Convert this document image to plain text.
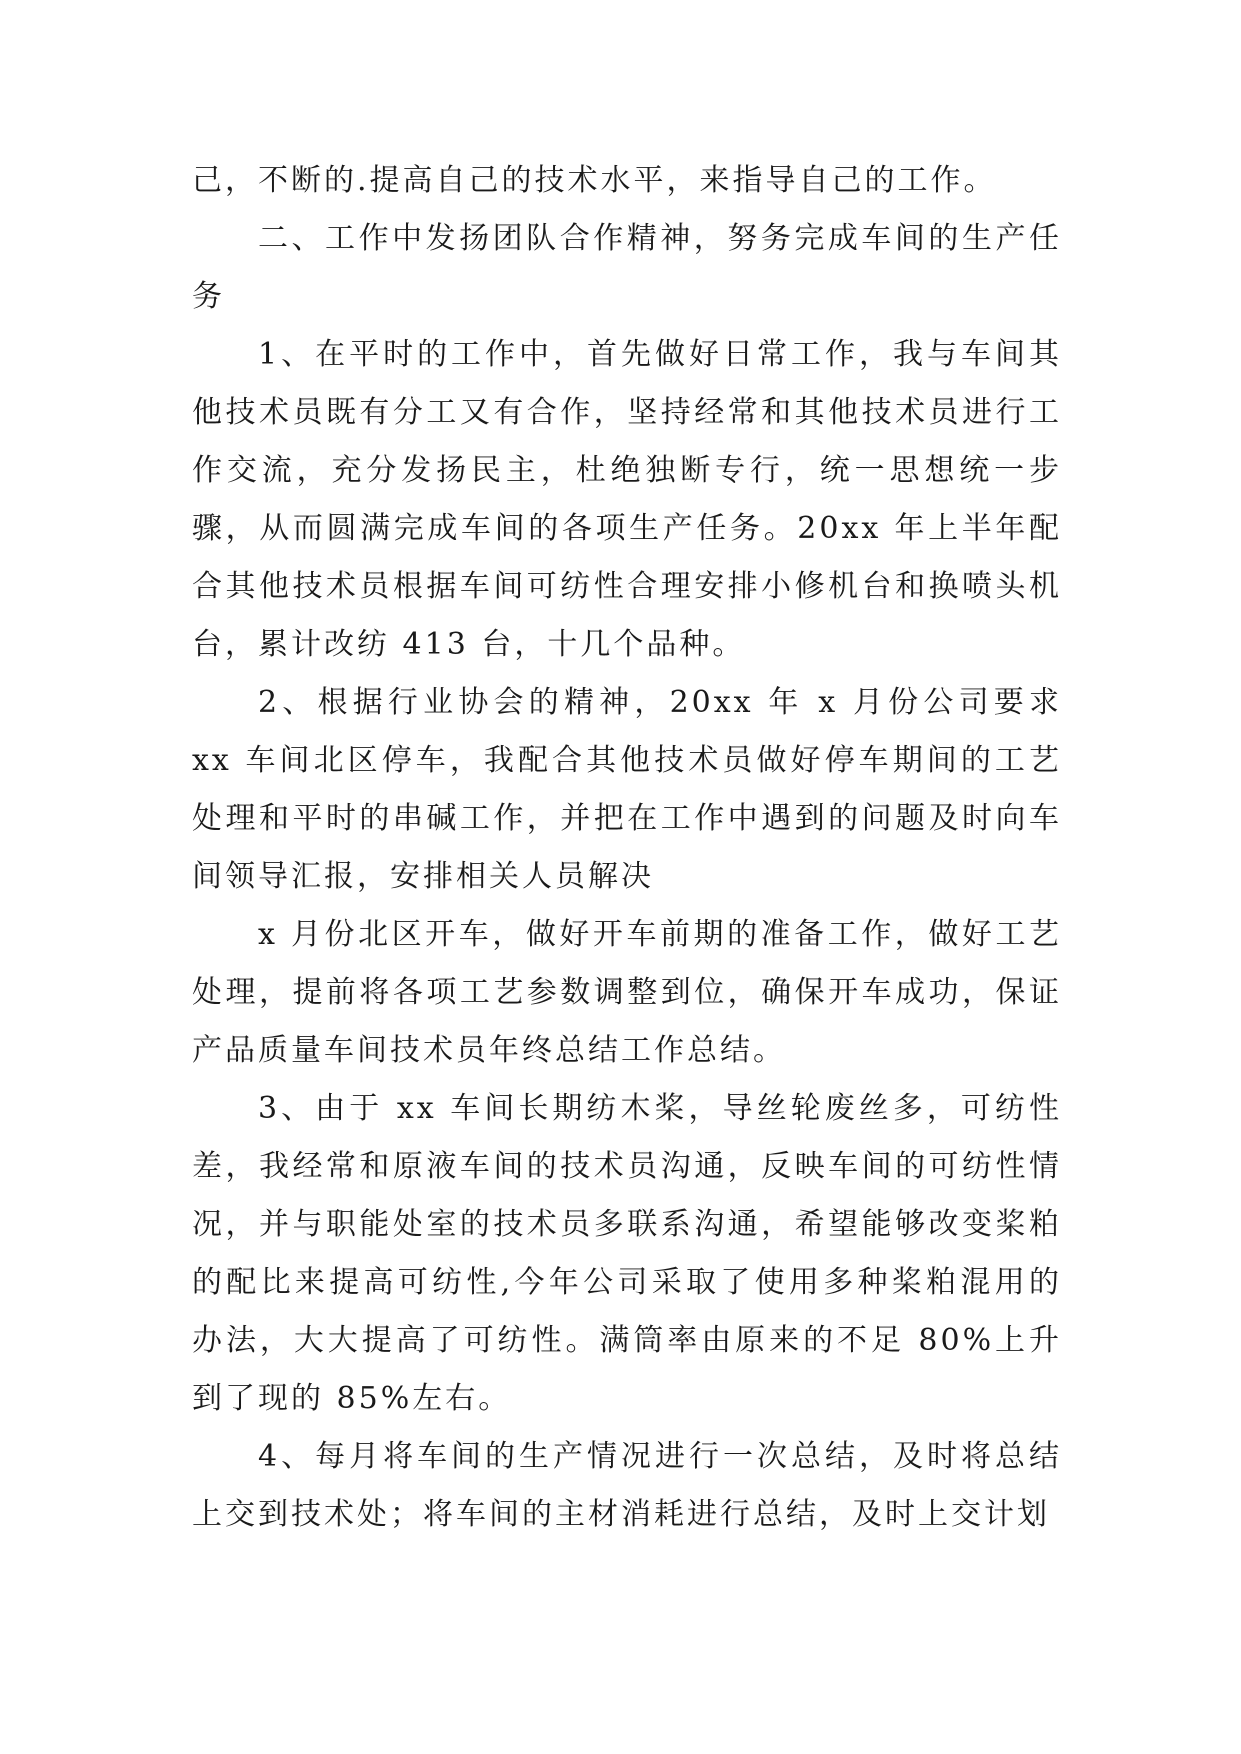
己，不断的.提高自己的技术水平，来指导自己的工作。

二、工作中发扬团队合作精神，努务完成车间的生产任务

1、在平时的工作中，首先做好日常工作，我与车间其他技术员既有分工又有合作，坚持经常和其他技术员进行工作交流，充分发扬民主，杜绝独断专行，统一思想统一步骤，从而圆满完成车间的各项生产任务。20xx 年上半年配合其他技术员根据车间可纺性合理安排小修机台和换喷头机台，累计改纺 413 台，十几个品种。

2、根据行业协会的精神，20xx 年 x 月份公司要求 xx 车间北区停车，我配合其他技术员做好停车期间的工艺处理和平时的串碱工作，并把在工作中遇到的问题及时向车间领导汇报，安排相关人员解决

x 月份北区开车，做好开车前期的准备工作，做好工艺处理，提前将各项工艺参数调整到位，确保开车成功，保证产品质量车间技术员年终总结工作总结。

3、由于 xx 车间长期纺木桨，导丝轮废丝多，可纺性差，我经常和原液车间的技术员沟通，反映车间的可纺性情况，并与职能处室的技术员多联系沟通，希望能够改变桨粕的配比来提高可纺性,今年公司采取了使用多种桨粕混用的办法，大大提高了可纺性。满筒率由原来的不足 80%上升到了现的 85%左右。

4、每月将车间的生产情况进行一次总结，及时将总结上交到技术处；将车间的主材消耗进行总结，及时上交计划
